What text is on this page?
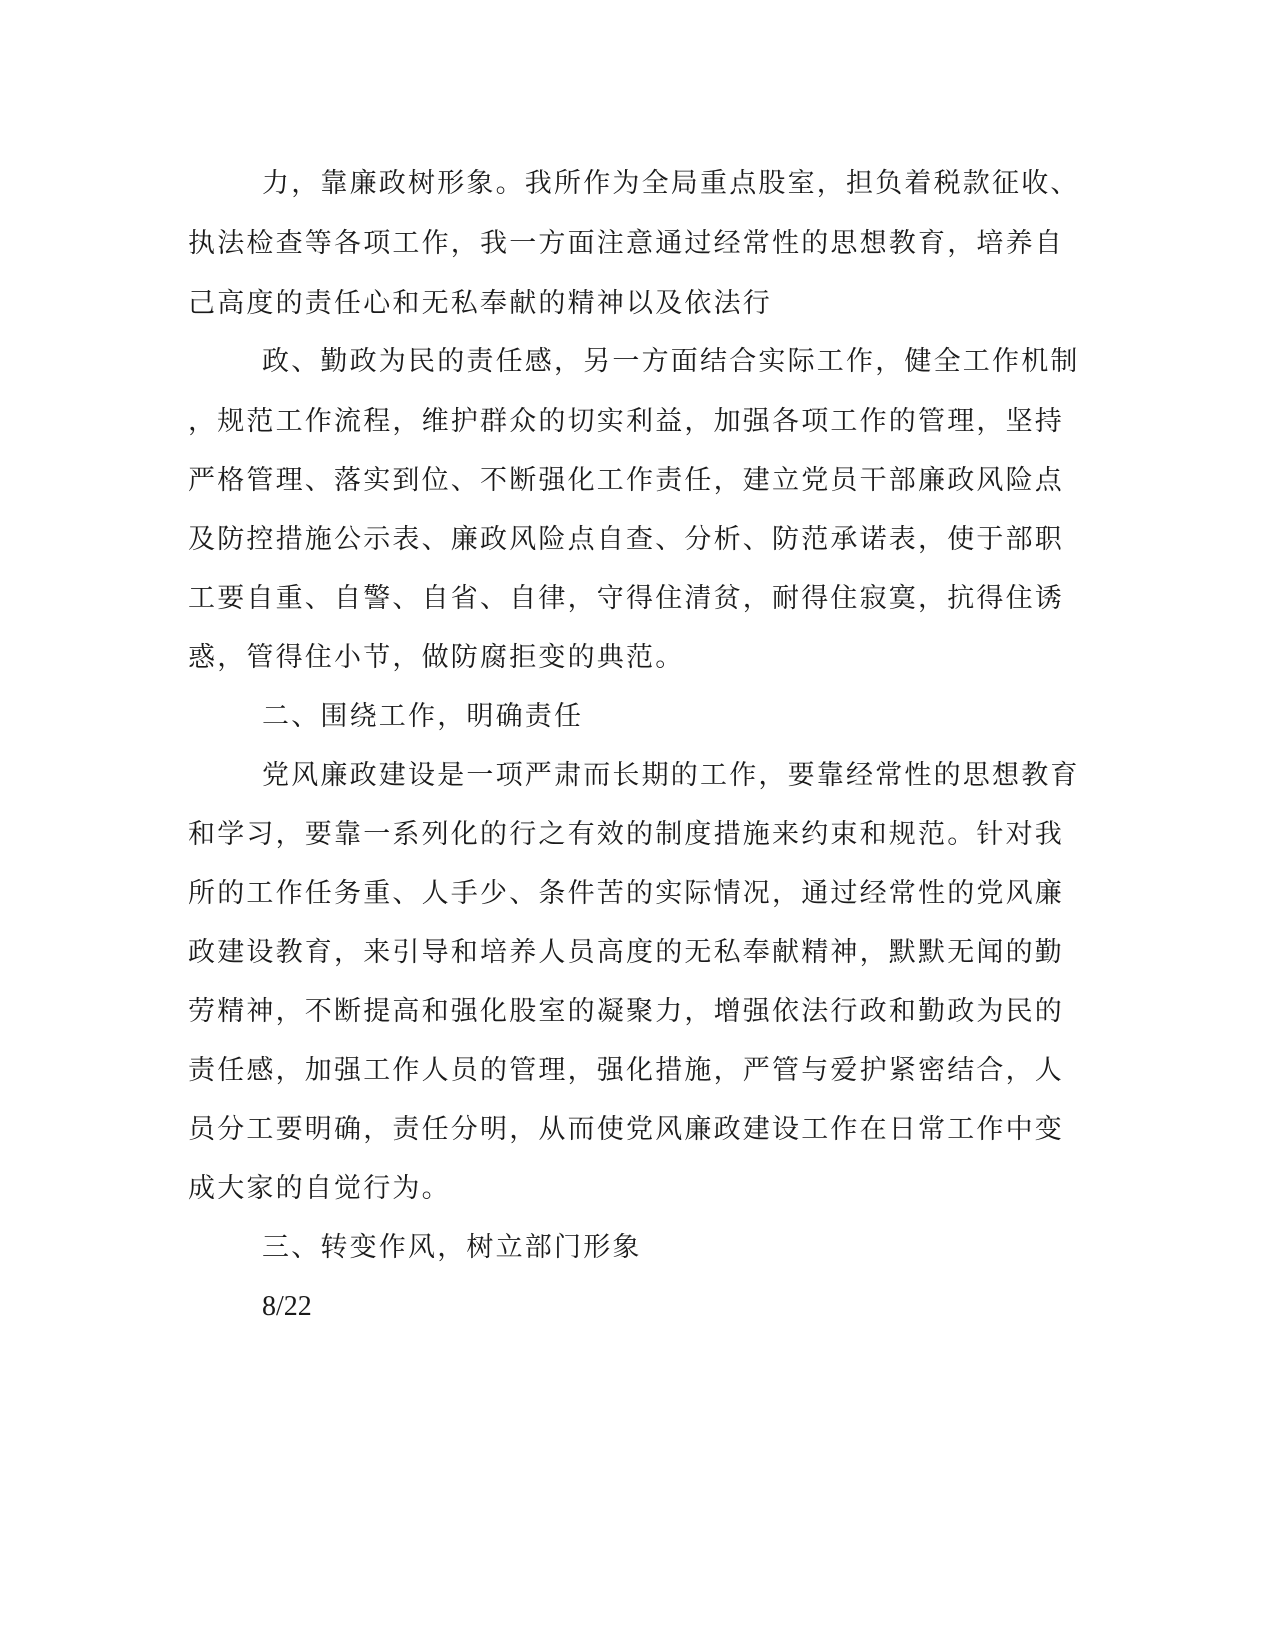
力，靠廉政树形象。我所作为全局重点股室，担负着税款征收、
执法检查等各项工作，我一方面注意通过经常性的思想教育，培养自
己高度的责任心和无私奉献的精神以及依法行
政、勤政为民的责任感，另一方面结合实际工作，健全工作机制
，规范工作流程，维护群众的切实利益，加强各项工作的管理，坚持
严格管理、落实到位、不断强化工作责任，建立党员干部廉政风险点
及防控措施公示表、廉政风险点自查、分析、防范承诺表，使于部职
工要自重、自警、自省、自律，守得住清贫，耐得住寂寞，抗得住诱
惑，管得住小节，做防腐拒变的典范。
二、围绕工作，明确责任
党风廉政建设是一项严肃而长期的工作，要靠经常性的思想教育
和学习，要靠一系列化的行之有效的制度措施来约束和规范。针对我
所的工作任务重、人手少、条件苦的实际情况，通过经常性的党风廉
政建设教育，来引导和培养人员高度的无私奉献精神，默默无闻的勤
劳精神，不断提高和强化股室的凝聚力，增强依法行政和勤政为民的
责任感，加强工作人员的管理，强化措施，严管与爱护紧密结合，人
员分工要明确，责任分明，从而使党风廉政建设工作在日常工作中变
成大家的自觉行为。
三、转变作风，树立部门形象
8/22
